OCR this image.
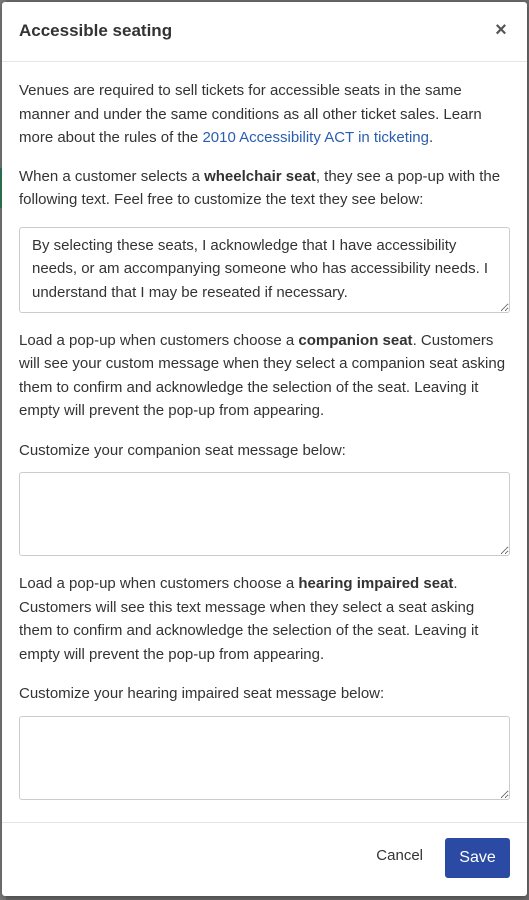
Accessible seating	×

Venues are required to sell tickets for accessible seats in the same manner and under the same conditions as all other ticket sales. Learn more about the rules of the 2010 Accessibility ACT in ticketing.

When a customer selects a wheelchair seat, they see a pop-up with the following text. Feel free to customize the text they see below:

By selecting these seats, I acknowledge that I have accessibility needs, or am accompanying someone who has accessibility needs. I understand that I may be reseated if necessary.

Load a pop-up when customers choose a companion seat. Customers will see your custom message when they select a companion seat asking them to confirm and acknowledge the selection of the seat. Leaving it empty will prevent the pop-up from appearing.

Customize your companion seat message below:

Load a pop-up when customers choose a hearing impaired seat. Customers will see this text message when they select a seat asking them to confirm and acknowledge the selection of the seat. Leaving it empty will prevent the pop-up from appearing.

Customize your hearing impaired seat message below:

Cancel	Save
